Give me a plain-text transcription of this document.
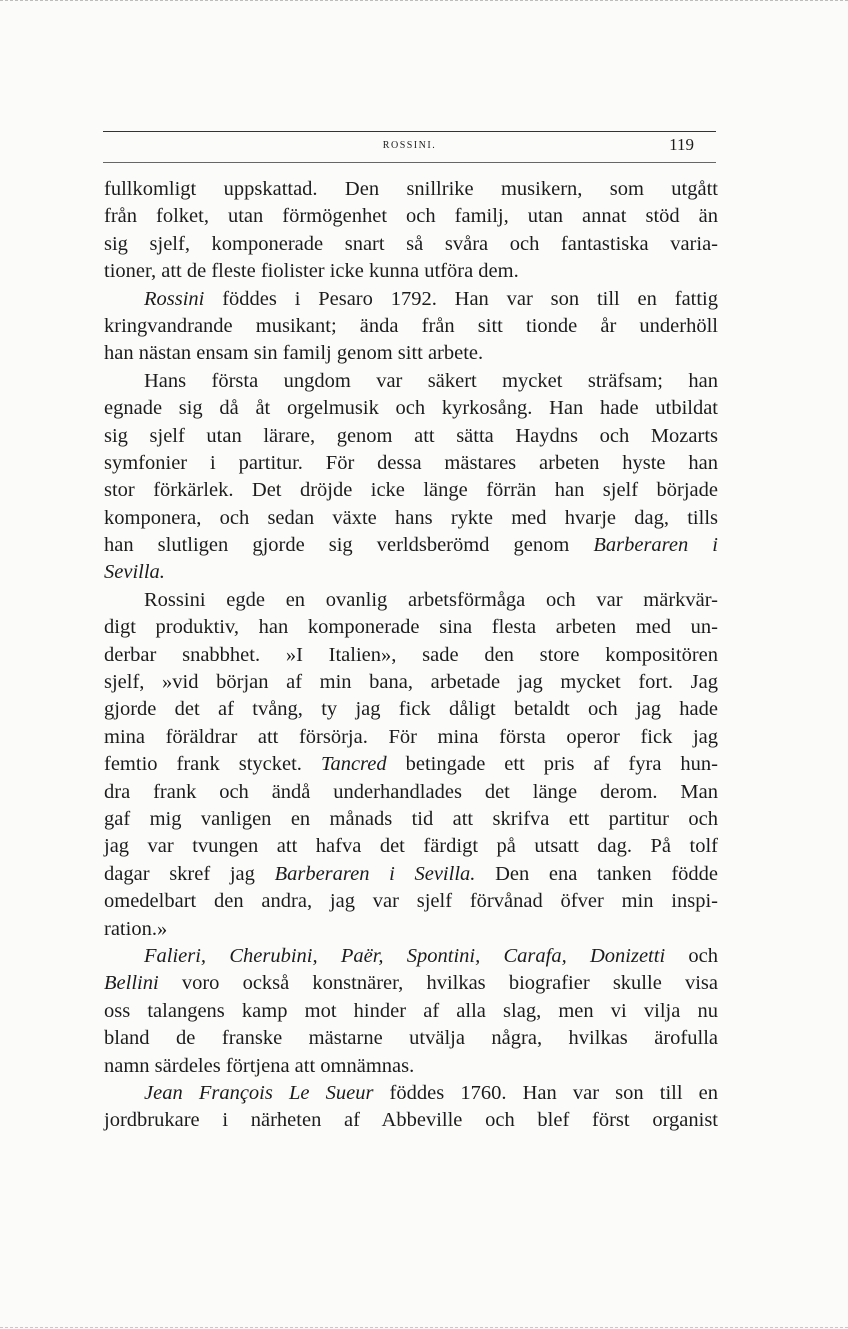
ROSSINI.	119
fullkomligt uppskattad. Den snillrike musikern, som utgått
från folket, utan förmögenhet och familj, utan annat stöd än
sig sjelf, komponerade snart så svåra och fantastiska varia-
tioner, att de fleste fiolister icke kunna utföra dem.
Rossini föddes i Pesaro 1792. Han var son till en fattig
kringvandrande musikant; ända från sitt tionde år underhöll
han nästan ensam sin familj genom sitt arbete.
Hans första ungdom var säkert mycket sträfsam; han
egnade sig då åt orgelmusik och kyrkosång. Han hade utbildat
sig sjelf utan lärare, genom att sätta Haydns och Mozarts
symfonier i partitur. För dessa mästares arbeten hyste han
stor förkärlek. Det dröjde icke länge förrän han sjelf började
komponera, och sedan växte hans rykte med hvarje dag, tills
han slutligen gjorde sig verldsberömd genom Barberaren i
Sevilla.
Rossini egde en ovanlig arbetsförmåga och var märkvär-
digt produktiv, han komponerade sina flesta arbeten med un-
derbar snabbhet. »I Italien», sade den store kompositören
sjelf, »vid början af min bana, arbetade jag mycket fort. Jag
gjorde det af tvång, ty jag fick dåligt betaldt och jag hade
mina föräldrar att försörja. För mina första operor fick jag
femtio frank stycket. Tancred betingade ett pris af fyra hun-
dra frank och ändå underhandlades det länge derom. Man
gaf mig vanligen en månads tid att skrifva ett partitur och
jag var tvungen att hafva det färdigt på utsatt dag. På tolf
dagar skref jag Barberaren i Sevilla. Den ena tanken födde
omedelbart den andra, jag var sjelf förvånad öfver min inspi-
ration.»
Falieri, Cherubini, Paër, Spontini, Carafa, Donizetti och
Bellini voro också konstnärer, hvilkas biografier skulle visa
oss talangens kamp mot hinder af alla slag, men vi vilja nu
bland de franske mästarne utvälja några, hvilkas ärofulla
namn särdeles förtjena att omnämnas.
Jean François Le Sueur föddes 1760. Han var son till en
jordbrukare i närheten af Abbeville och blef först organist
